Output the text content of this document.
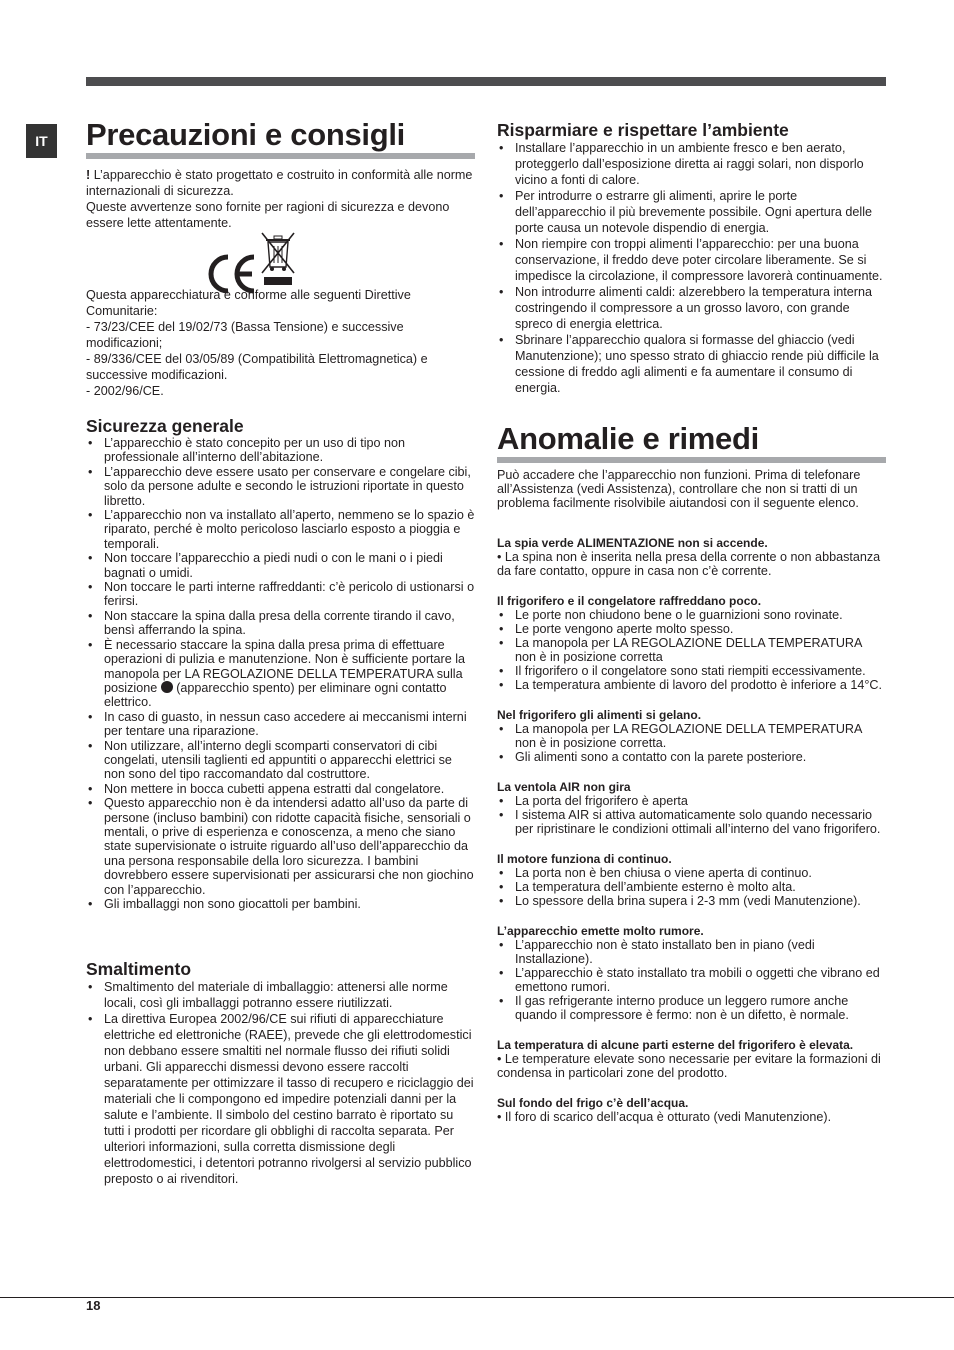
IT Precauzioni e consigli

! L’apparecchio è stato progettato e costruito in conformità alle norme internazionali di sicurezza.

Queste avvertenze sono fornite per ragioni di sicurezza e devono essere lette attentamente.

Questa apparecchiatura è conforme alle seguenti Direttive Comunitarie:

- 73/23/CEE del 19/02/73 (Bassa Tensione) e successive modificazioni;

- 89/336/CEE del 03/05/89 (Compatibilità Elettromagnetica) e successive modificazioni.

- 2002/96/CE.

Sicurezza generale
• L’apparecchio è stato concepito per un uso di tipo non professionale all’interno dell’abitazione.
• L’apparecchio deve essere usato per conservare e congelare cibi, solo da persone adulte e secondo le istruzioni riportate in questo libretto.
• L’apparecchio non va installato all’aperto, nemmeno se lo spazio è riparato, perché è molto pericoloso lasciarlo esposto a pioggia e temporali.
• Non toccare l’apparecchio a piedi nudi o con le mani o i piedi bagnati o umidi.
• Non toccare le parti interne raffreddanti: c’è pericolo di ustionarsi o ferirsi.
• Non staccare la spina dalla presa della corrente tirando il cavo, bensì afferrando la spina.
• È necessario staccare la spina dalla presa prima di effettuare operazioni di pulizia e manutenzione. Non è sufficiente portare la manopola per LA REGOLAZIONE DELLA TEMPERATURA sulla posizione  (apparecchio spento) per eliminare ogni contatto elettrico.
• In caso di guasto, in nessun caso accedere ai meccanismi interni per tentare una riparazione.
• Non utilizzare, all’interno degli scomparti conservatori di cibi congelati, utensili taglienti ed appuntiti o apparecchi elettrici se non sono del tipo raccomandato dal costruttore.
• Non mettere in bocca cubetti appena estratti dal congelatore.
• Questo apparecchio non è da intendersi adatto all’uso da parte di persone (incluso bambini) con ridotte capacità fisiche, sensoriali o mentali, o prive di esperienza e conoscenza, a meno che siano state supervisionate o istruite riguardo all’uso dell’apparecchio da una persona responsabile della loro sicurezza. I bambini dovrebbero essere supervisionati per assicurarsi che non giochino con l’apparecchio.
• Gli imballaggi non sono giocattoli per bambini.
Smaltimento
• Smaltimento del materiale di imballaggio: attenersi alle norme locali, così gli imballaggi potranno essere riutilizzati.
• La direttiva Europea 2002/96/CE sui rifiuti di apparecchiature elettriche ed elettroniche (RAEE), prevede che gli elettrodomestici non debbano essere smaltiti nel normale flusso dei rifiuti solidi urbani. Gli apparecchi dismessi devono essere raccolti separatamente per ottimizzare il tasso di recupero e riciclaggio dei materiali che li compongono ed impedire potenziali danni per la salute e l’ambiente. Il simbolo del cestino barrato è riportato su tutti i prodotti per ricordare gli obblighi di raccolta separata. Per ulteriori informazioni, sulla corretta dismissione degli elettrodomestici, i detentori potranno rivolgersi al servizio pubblico preposto o ai rivenditori.
Risparmiare e rispettare l’ambiente
• Installare l’apparecchio in un ambiente fresco e ben aerato, proteggerlo dall’esposizione diretta ai raggi solari, non disporlo vicino a fonti di calore.
• Per introdurre o estrarre gli alimenti, aprire le porte dell’apparecchio il più brevemente possibile. Ogni apertura delle porte causa un notevole dispendio di energia.
• Non riempire con troppi alimenti l’apparecchio: per una buona conservazione, il freddo deve poter circolare liberamente. Se si impedisce la circolazione, il compressore lavorerà continuamente.
• Non introdurre alimenti caldi: alzerebbero la temperatura interna costringendo il compressore a un grosso lavoro, con grande spreco di energia elettrica.
• Sbrinare l’apparecchio qualora si formasse del ghiaccio (vedi Manutenzione); uno spesso strato di ghiaccio rende più difficile la cessione di freddo agli alimenti e fa aumentare il consumo di energia.
Anomalie e rimedi
Può accadere che l’apparecchio non funzioni. Prima di telefonare all’Assistenza (vedi Assistenza), controllare che non si tratti di un problema facilmente risolvibile aiutandosi con il seguente elenco.
La spia verde ALIMENTAZIONE non si accende.
• La spina non è inserita nella presa della corrente o non abbastanza da fare contatto, oppure in casa non c’è corrente.
Il frigorifero e il congelatore raffreddano poco.
• Le porte non chiudono bene o le guarnizioni sono rovinate.
• Le porte vengono aperte molto spesso.
• La manopola per LA REGOLAZIONE DELLA TEMPERATURA non è in posizione corretta
• Il frigorifero o il congelatore sono stati riempiti eccessivamente.
• La temperatura ambiente di lavoro del prodotto è inferiore a 14°C.
Nel frigorifero gli alimenti si gelano.
• La manopola per LA REGOLAZIONE DELLA TEMPERATURA non è in posizione corretta.
• Gli alimenti sono a contatto con la parete posteriore.
La ventola AIR non gira
• La porta del frigorifero è aperta
• I sistema AIR si attiva automaticamente solo quando necessario per ripristinare le condizioni ottimali all’interno del vano frigorifero.
Il motore funziona di continuo.
• La porta non è ben chiusa o viene aperta di continuo.
• La temperatura dell’ambiente esterno è molto alta.
• Lo spessore della brina supera i 2-3 mm (vedi Manutenzione).
L’apparecchio emette molto rumore.
• L’apparecchio non è stato installato ben in piano (vedi Installazione).
• L’apparecchio è stato installato tra mobili o oggetti che vibrano ed emettono rumori.
• Il gas refrigerante interno produce un leggero rumore anche quando il compressore è fermo: non è un difetto, è normale.
La temperatura di alcune parti esterne del frigorifero è elevata.
• Le temperature elevate sono necessarie per evitare la formazioni di condensa in particolari zone del prodotto.
Sul fondo del frigo c’è dell’acqua.
• Il foro di scarico dell’acqua è otturato (vedi Manutenzione).
18
